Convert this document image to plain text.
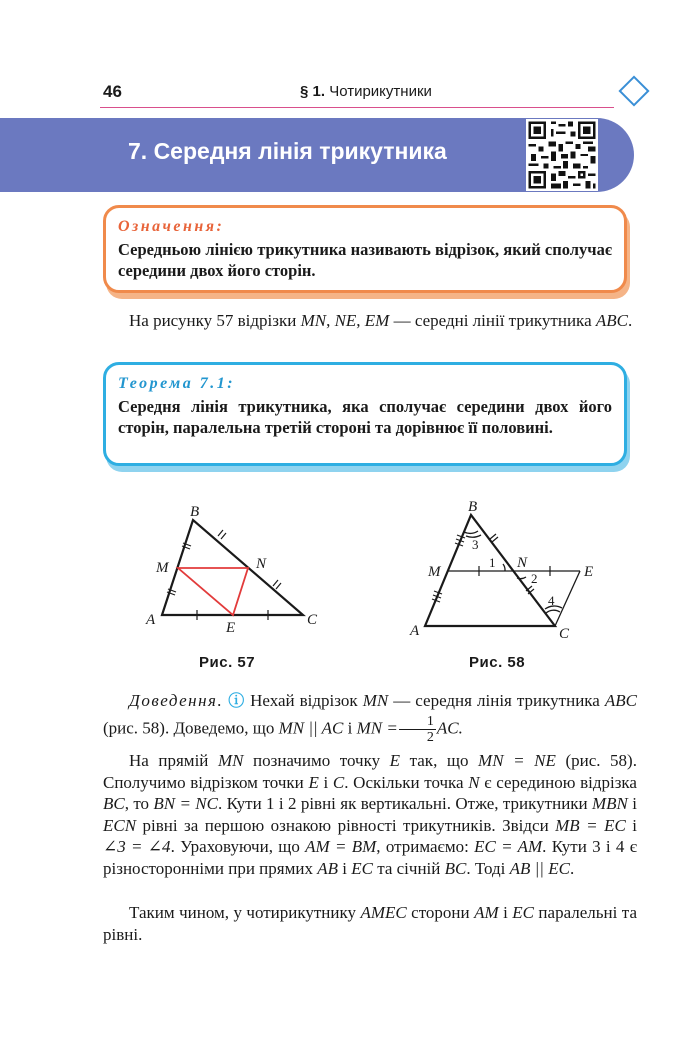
46	§ 1. Чотирикутники
7. Середня лінія трикутника
Означення:
Середньою лінією трикутника називають відрізок, який сполучає середини двох його сторін.

На рисунку 57 відрізки MN, NE, EM — середні лінії трикутника ABC.

Теорема 7.1:
Середня лінія трикутника, яка сполучає середини двох його сторін, паралельна третій стороні та дорівнює її половині.
A
B
C
M	N
E
Рис. 57
A
B
C
M
N
E
1
2
3
4
Рис. 58

Доведення. ⓘ Нехай відрізок MN — середня лінія трикутника ABC (рис. 58). Доведемо, що MN || AC і MN = $\frac{1}{2}$ AC.

На прямій MN позначимо точку E так, що MN = NE (рис. 58). Сполучимо відрізком точки E і C. Оскільки точка N є серединою відрізка BC, то BN = NC. Кути 1 і 2 рівні як вертикальні. Отже, трикутники MBN і ECN рівні за першою ознакою рівності трикутників. Звідси MB = EC і ∠3 = ∠4. Ураховуючи, що AM = BM, отримаємо: EC = AM. Кути 3 і 4 є різносторонніми при прямих AB і EC та січній BC. Тоді AB || EC.

Таким чином, у чотирикутнику AMEC сторони AM і EC паралельні та рівні.
